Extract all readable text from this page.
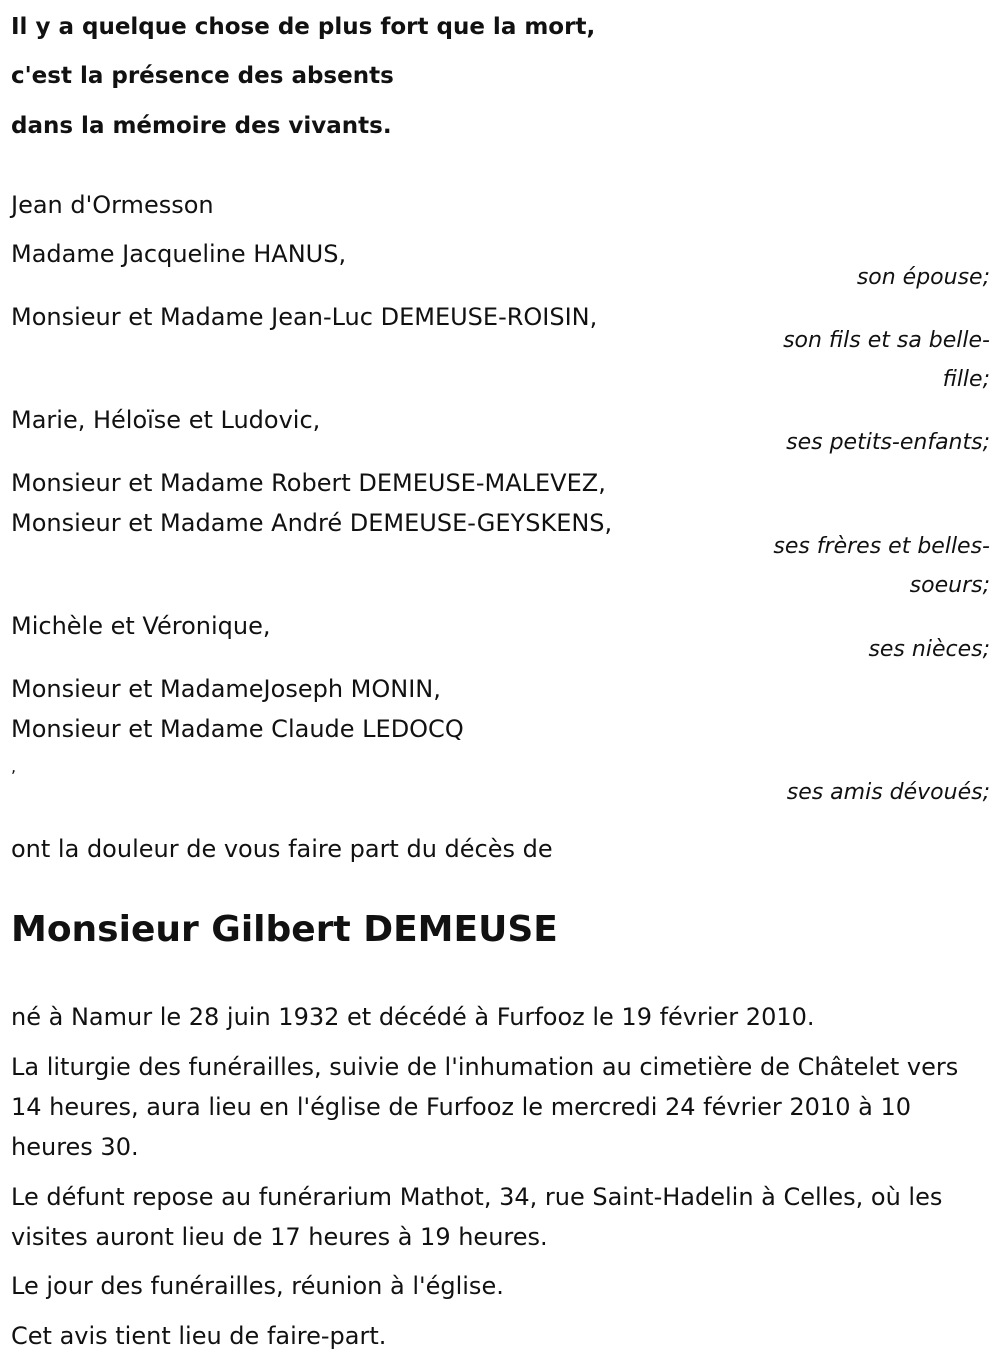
Il y a quelque chose de plus fort que la mort,
c'est la présence des absents
dans la mémoire des vivants.
Jean d'Ormesson
Madame Jacqueline HANUS,
son épouse;
Monsieur et Madame Jean-Luc DEMEUSE-ROISIN,
son fils et sa belle-
fille;
Marie, Héloïse et Ludovic,
ses petits-enfants;
Monsieur et Madame Robert DEMEUSE-MALEVEZ,
Monsieur et Madame André DEMEUSE-GEYSKENS,
ses frères et belles-
soeurs;
Michèle et Véronique,
ses nièces;
Monsieur et MadameJoseph MONIN,
Monsieur et Madame Claude LEDOCQ
,
ses amis dévoués;
ont la douleur de vous faire part du décès de
Monsieur Gilbert DEMEUSE
né à Namur le 28 juin 1932 et décédé à Furfooz le 19 février 2010.
La liturgie des funérailles, suivie de l'inhumation au cimetière de Châtelet vers 14 heures, aura lieu en l'église de Furfooz le mercredi 24 février 2010 à 10 heures 30.
Le défunt repose au funérarium Mathot, 34, rue Saint-Hadelin à Celles, où les visites auront lieu de 17 heures à 19 heures.
Le jour des funérailles, réunion à l'église.
Cet avis tient lieu de faire-part.
